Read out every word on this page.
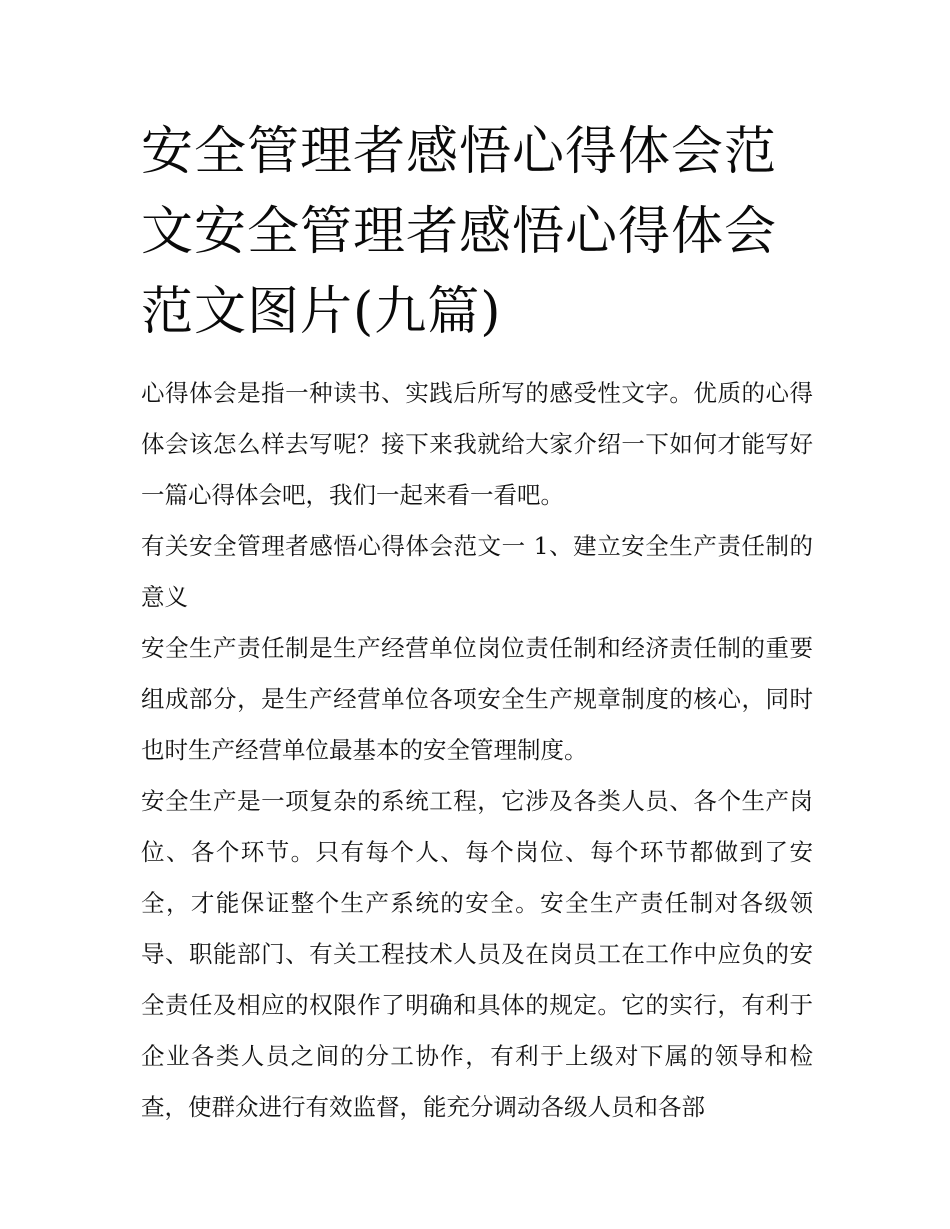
安全管理者感悟心得体会范文安全管理者感悟心得体会范文图片(九篇)

心得体会是指一种读书、实践后所写的感受性文字。优质的心得体会该怎么样去写呢？接下来我就给大家介绍一下如何才能写好一篇心得体会吧，我们一起来看一看吧。

有关安全管理者感悟心得体会范文一 1、建立安全生产责任制的意义

安全生产责任制是生产经营单位岗位责任制和经济责任制的重要组成部分，是生产经营单位各项安全生产规章制度的核心，同时也时生产经营单位最基本的安全管理制度。

安全生产是一项复杂的系统工程，它涉及各类人员、各个生产岗位、各个环节。只有每个人、每个岗位、每个环节都做到了安全，才能保证整个生产系统的安全。安全生产责任制对各级领导、职能部门、有关工程技术人员及在岗员工在工作中应负的安全责任及相应的权限作了明确和具体的规定。它的实行，有利于企业各类人员之间的分工协作，有利于上级对下属的领导和检查，使群众进行有效监督，能充分调动各级人员和各部
